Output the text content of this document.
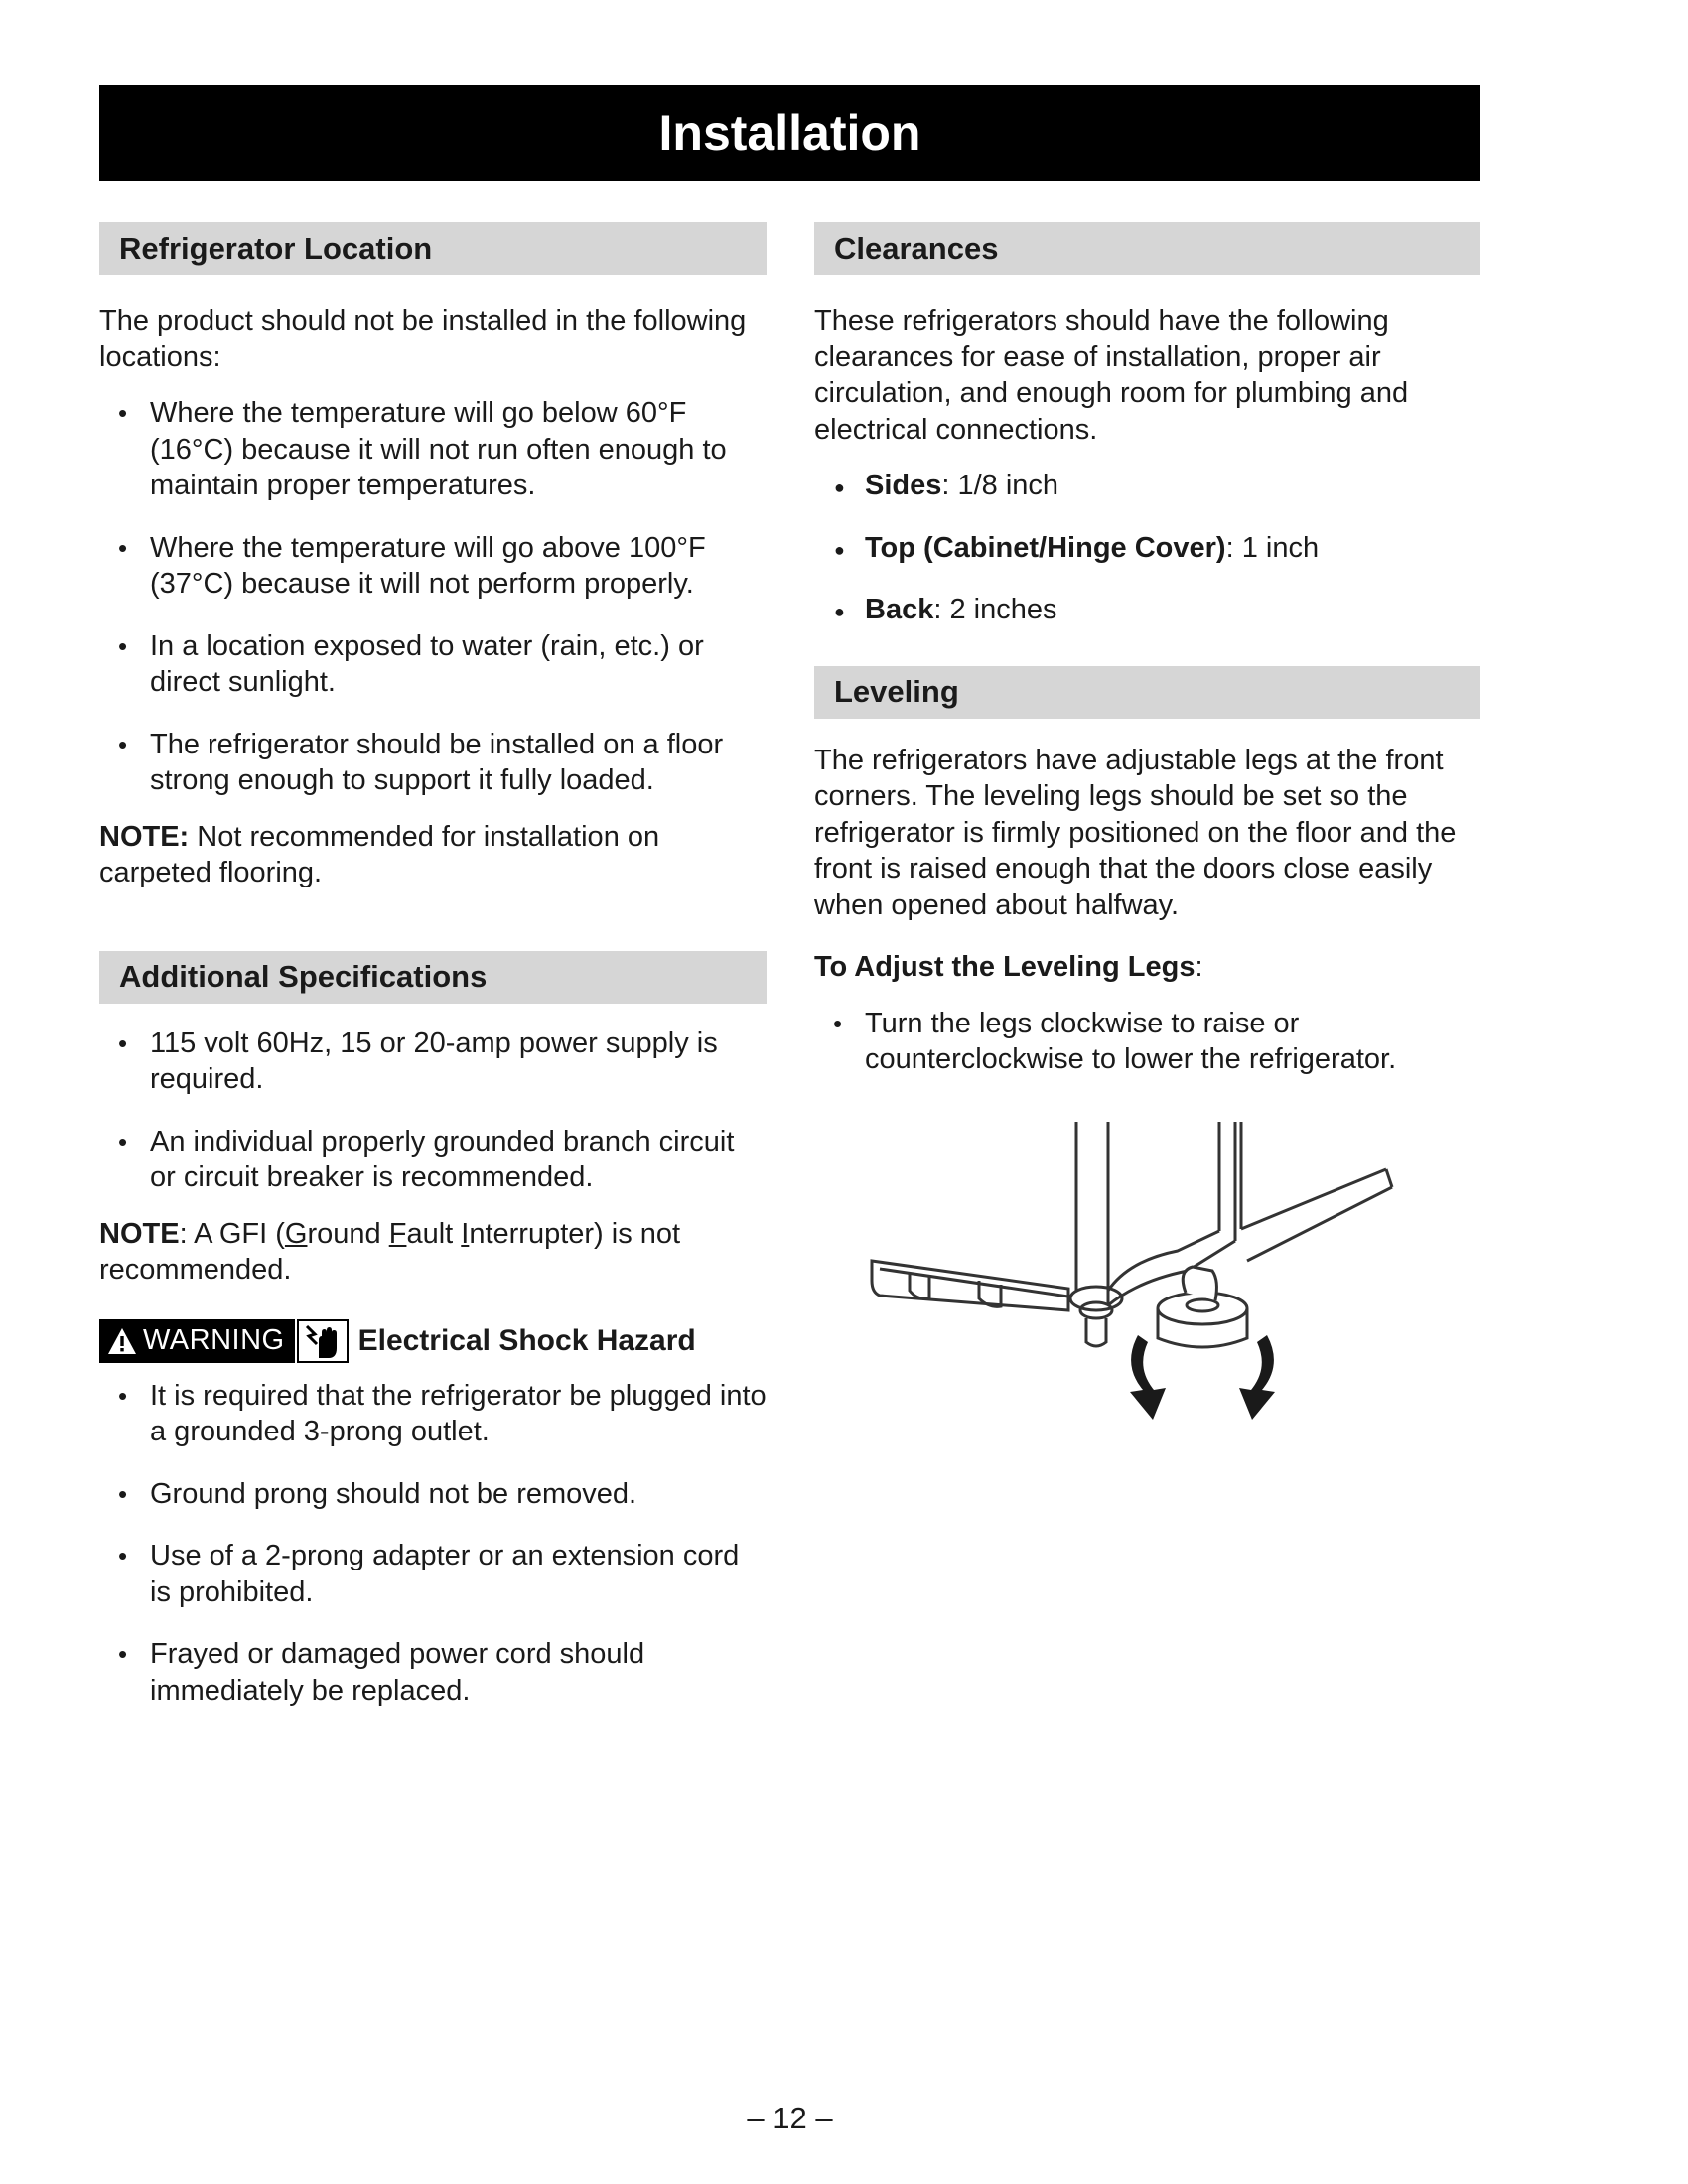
Installation
Refrigerator Location

The product should not be installed in the following locations:

• Where the temperature will go below 60°F (16°C) because it will not run often enough to maintain proper temperatures.
• Where the temperature will go above 100°F (37°C) because it will not perform properly.
• In a location exposed to water (rain, etc.) or direct sunlight.
• The refrigerator should be installed on a floor strong enough to support it fully loaded.

NOTE: Not recommended for installation on carpeted flooring.

Additional Specifications
• 115 volt 60Hz, 15 or 20-amp power supply is required.
• An individual properly grounded branch circuit or circuit breaker is recommended.

NOTE: A GFI (Ground Fault Interrupter) is not recommended.

WARNING Electrical Shock Hazard
• It is required that the refrigerator be plugged into a grounded 3-prong outlet.
• Ground prong should not be removed.
• Use of a 2-prong adapter or an extension cord is prohibited.
• Frayed or damaged power cord should immediately be replaced.
Clearances

These refrigerators should have the following clearances for ease of installation, proper air circulation, and enough room for plumbing and electrical connections.

● Sides: 1/8 inch
● Top (Cabinet/Hinge Cover): 1 inch
● Back: 2 inches
Leveling

The refrigerators have adjustable legs at the front corners. The leveling legs should be set so the refrigerator is firmly positioned on the floor and the front is raised enough that the doors close easily when opened about halfway.

To Adjust the Leveling Legs:

• Turn the legs clockwise to raise or counterclockwise to lower the refrigerator.
– 12 –
